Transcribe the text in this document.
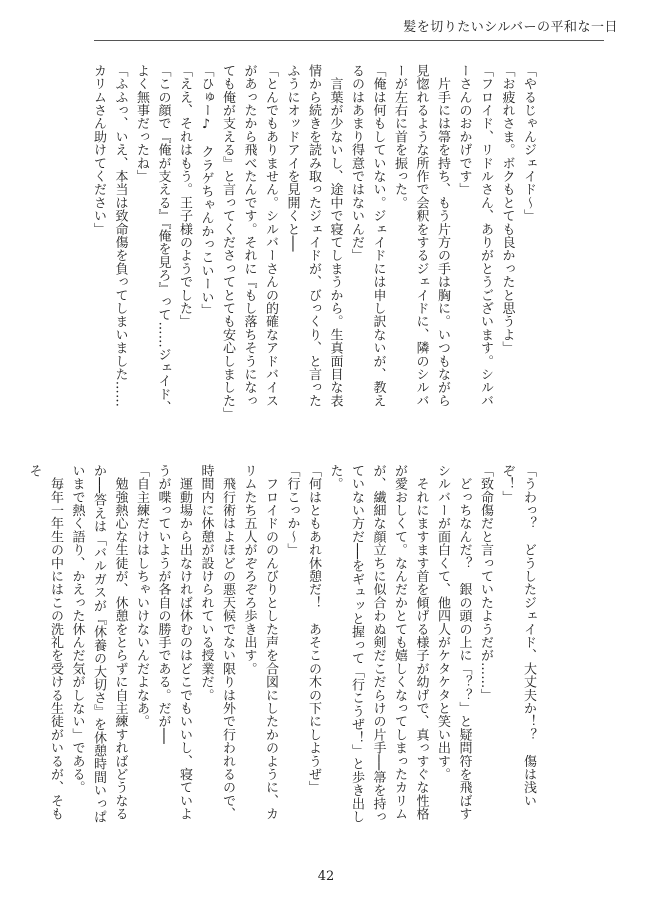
髪を切りたいシルバーの平和な一日

「やるじゃんジェイド〜」

「お疲れさま。ボクもとても良かったと思うよ」

「フロイド、リドルさん、ありがとうございます。シルバーさんのおかげです」

　片手には箒を持ち、もう片方の手は胸に。いつもながら見惚れるような所作で会釈をするジェイドに、隣のシルバーが左右に首を振った。

「俺は何もしていない。ジェイドには申し訳ないが、教えるのはあまり得意ではないんだ」

　言葉が少ないし、途中で寝てしまうから。生真面目な表情から続きを読み取ったジェイドが、びっくり、と言ったふうにオッドアイを見開くと──

「とんでもありません。シルバーさんの的確なアドバイスがあったから飛べたんです。それに『もし落ちそうになっても俺が支える』と言ってくださってとても安心しました」

「ひゅー♪　クラゲちゃんかっこいーい」

「ええ、それはもう。王子様のようでした」

「この顔で『俺が支える』『俺を見ろ』って……ジェイド、よく無事だったね」

「ふふっ、いえ、本当は致命傷を負ってしまいました……カリムさん助けてください」

「うわっ？　どうしたジェイド、大丈夫か！？　傷は浅いぞ！」

「致命傷だと言っていたようだが……」

　どっちなんだ？　銀の頭の上に「？？」と疑問符を飛ばすシルバーが面白くて、他四人がケタケタと笑い出す。

　それにますます首を傾げる様子が幼げで、真っすぐな性格が愛おしくて。なんだかとても嬉しくなってしまったカリムが、繊細な顔立ちに似合わぬ剣だこだらけの片手──箒を持っていない方だ──をギュッと握って「行こうぜ！」と歩き出した。

「何はともあれ休憩だ！　あそこの木の下にしようぜ」

「行こっか〜」

　フロイドののんびりとした声を合図にしたかのように、カリムたち五人がぞろぞろ歩き出す。

　飛行術はよほどの悪天候でない限りは外で行われるので、時間内に休憩が設けられている授業だ。

　運動場から出なければ休むのはどこでもいいし、寝ていようが喋っていようが各自の勝手である。だが──

「自主練だけはしちゃいけないんだよなあ。

　勉強熱心な生徒が、休憩をとらずに自主練すればどうなるか──答えは「バルガスが『休養の大切さ』を休憩時間いっぱいまで熱く語り、かえった休んだ気がしない」である。

　毎年一年生の中にはこの洗礼を受ける生徒がいるが、そもそ

42
